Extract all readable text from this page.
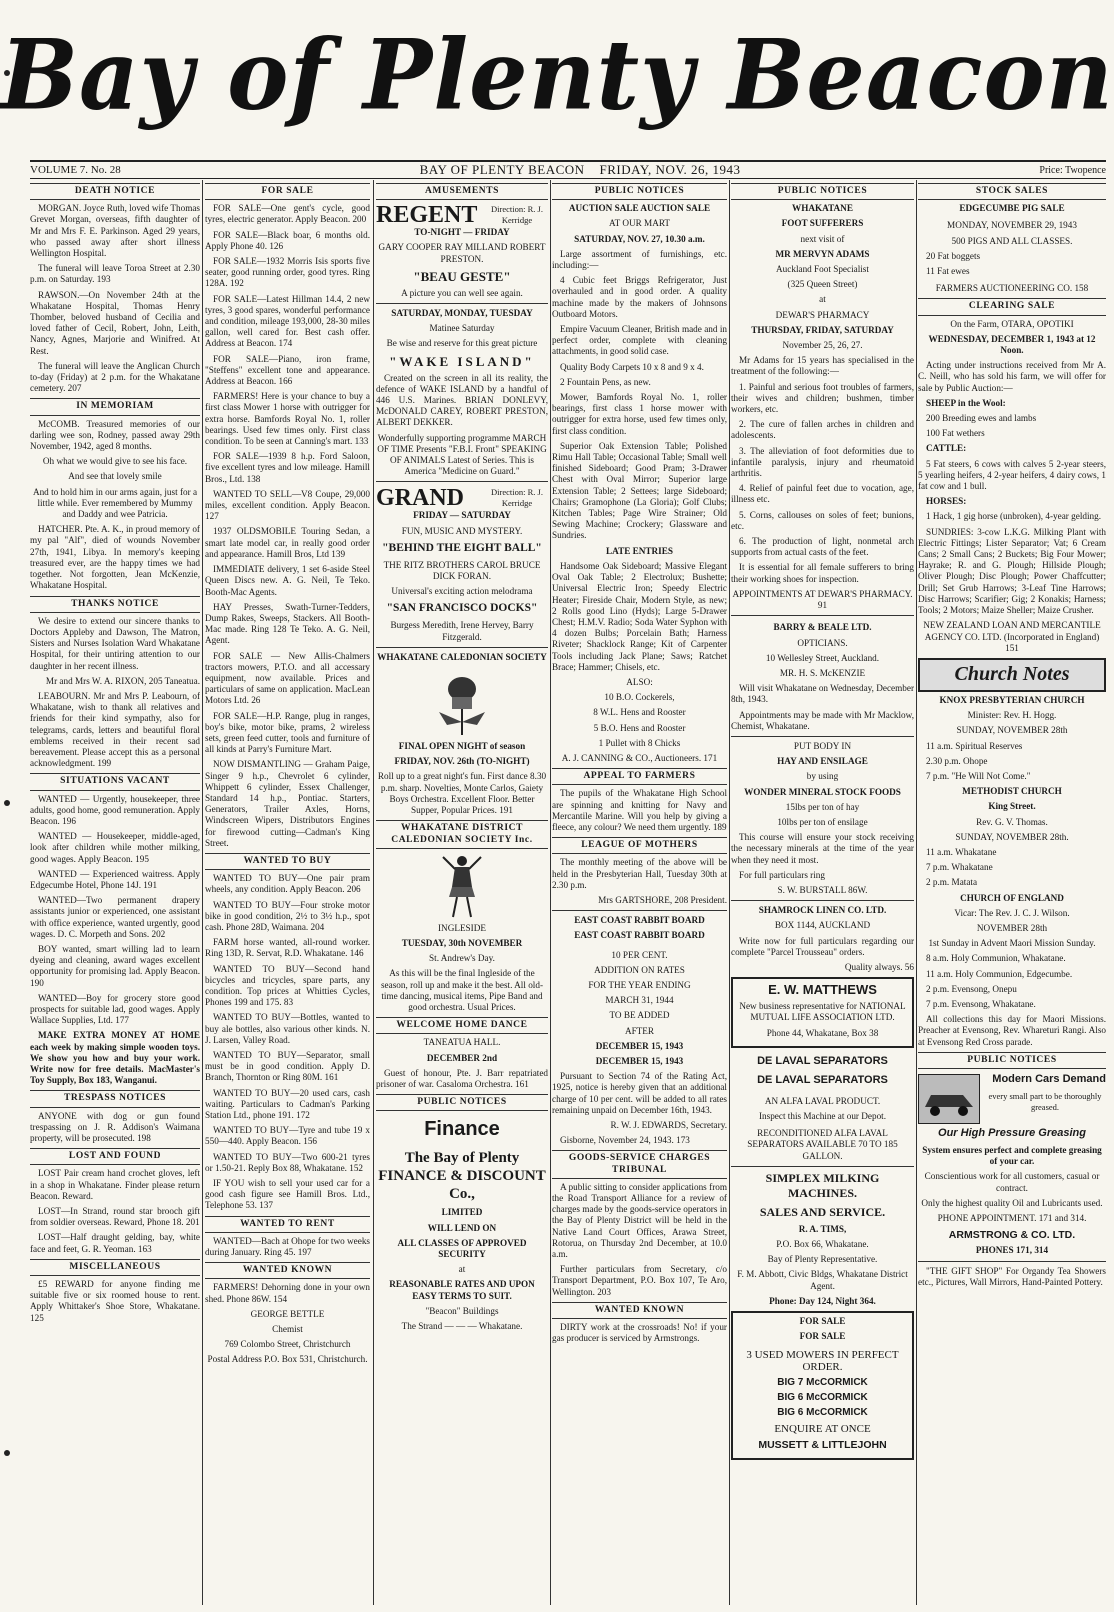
Bay of Plenty Beacon
VOLUME 7. No. 28	BAY OF PLENTY BEACON FRIDAY, NOV. 26, 1943	Price: Twopence
DEATH NOTICE

MORGAN. Joyce Ruth, loved wife Thomas Grevet Morgan, overseas, fifth daughter of Mr and Mrs F. E. Parkinson. Aged 29 years, who passed away after short illness Wellington Hospital.

The funeral will leave Toroa Street at 2.30 p.m. on Saturday. 193

RAWSON.—On November 24th at the Whakatane Hospital, Thomas Henry Thomber, beloved husband of Cecilia and loved father of Cecil, Robert, John, Leith, Nancy, Agnes, Marjorie and Winifred. At Rest.

The funeral will leave the Anglican Church to-day (Friday) at 2 p.m. for the Whakatane cemetery. 207

IN MEMORIAM

McCOMB. Treasured memories of our darling wee son, Rodney, passed away 29th November, 1942, aged 8 months.

Oh what we would give to see his face.

And see that lovely smile

And to hold him in our arms again, just for a little while. Ever remembered by Mummy and Daddy and wee Patricia.

HATCHER. Pte. A. K., in proud memory of my pal "Alf", died of wounds November 27th, 1941, Libya. In memory's keeping treasured ever, are the happy times we had together. Not forgotten, Jean McKenzie, Whakatane Hospital.

THANKS NOTICE

We desire to extend our sincere thanks to Doctors Appleby and Dawson, The Matron, Sisters and Nurses Isolation Ward Whakatane Hospital, for their untiring attention to our daughter in her recent illness.

Mr and Mrs W. A. RIXON, 205 Taneatua.

LEABOURN. Mr and Mrs P. Leabourn, of Whakatane, wish to thank all relatives and friends for their kind sympathy, also for telegrams, cards, letters and beautiful floral emblems received in their recent sad bereavement. Please accept this as a personal acknowledgment. 199

SITUATIONS VACANT

WANTED — Urgently, housekeeper, three adults, good home, good remuneration. Apply Beacon. 196

WANTED — Housekeeper, middle-aged, look after children while mother milking, good wages. Apply Beacon. 195

WANTED — Experienced waitress. Apply Edgecumbe Hotel, Phone 14J. 191

WANTED—Two permanent drapery assistants junior or experienced, one assistant with office experience, wanted urgently, good wages. D. C. Morpeth and Sons. 202

BOY wanted, smart willing lad to learn dyeing and cleaning, award wages excellent opportunity for promising lad. Apply Beacon. 190

WANTED—Boy for grocery store good prospects for suitable lad, good wages. Apply Wallace Supplies, Ltd. 177

MAKE EXTRA MONEY AT HOME each week by making simple wooden toys. We show you how and buy your work. Write now for free details. MacMaster's Toy Supply, Box 183, Wanganui.

TRESPASS NOTICES

ANYONE with dog or gun found trespassing on J. R. Addison's Waimana property, will be prosecuted. 198

LOST AND FOUND

LOST Pair cream hand crochet gloves, left in a shop in Whakatane. Finder please return Beacon. Reward.

LOST—In Strand, round star brooch gift from soldier overseas. Reward, Phone 18. 201

LOST—Half draught gelding, bay, white face and feet, G. R. Yeoman. 163

MISCELLANEOUS

£5 REWARD for anyone finding me suitable five or six roomed house to rent. Apply Whittaker's Shoe Store, Whakatane. 125

FOR SALE

FOR SALE—One gent's cycle, good tyres, electric generator. Apply Beacon. 200

FOR SALE—Black boar, 6 months old. Apply Phone 40. 126

FOR SALE—1932 Morris Isis sports five seater, good running order, good tyres. Ring 128A. 192

FOR SALE—Latest Hillman 14.4, 2 new tyres, 3 good spares, wonderful performance and condition, mileage 193,000, 28-30 miles gallon, well cared for. Best cash offer. Address at Beacon. 174

FOR SALE—Piano, iron frame, "Steffens" excellent tone and appearance. Address at Beacon. 166

FARMERS! Here is your chance to buy a first class Mower 1 horse with outrigger for extra horse. Bamfords Royal No. 1, roller bearings. Used few times only. First class condition. To be seen at Canning's mart. 133

FOR SALE—1939 8 h.p. Ford Saloon, five excellent tyres and low mileage. Hamill Bros., Ltd. 138

WANTED TO SELL—V8 Coupe, 29,000 miles, excellent condition. Apply Beacon. 127

1937 OLDSMOBILE Touring Sedan, a smart late model car, in really good order and appearance. Hamill Bros, Ltd 139

IMMEDIATE delivery, 1 set 6-aside Steel Queen Discs new. A. G. Neil, Te Teko. Booth-Mac Agents.

HAY Presses, Swath-Turner-Tedders, Dump Rakes, Sweeps, Stackers. All Booth-Mac made. Ring 128 Te Teko. A. G. Neil, Agent.

FOR SALE — New Allis-Chalmers tractors mowers, P.T.O. and all accessary equipment, now available. Prices and particulars of same on application. MacLean Motors Ltd. 26

FOR SALE—H.P. Range, plug in ranges, boy's bike, motor bike, prams, 2 wireless sets, green feed cutter, tools and furniture of all kinds at Parry's Furniture Mart.

NOW DISMANTLING — Graham Paige, Singer 9 h.p., Chevrolet 6 cylinder, Whippett 6 cylinder, Essex Challenger, Standard 14 h.p., Pontiac. Starters, Generators, Trailer Axles, Horns, Windscreen Wipers, Distributors Engines for firewood cutting—Cadman's King Street.

WANTED TO BUY

WANTED TO BUY—One pair pram wheels, any condition. Apply Beacon. 206

WANTED TO BUY—Four stroke motor bike in good condition, 2½ to 3½ h.p., spot cash. Phone 28D, Waimana. 204

FARM horse wanted, all-round worker. Ring 13D, R. Servat, R.D. Whakatane. 146

WANTED TO BUY—Second hand bicycles and tricycles, spare parts, any condition. Top prices at Whitties Cycles, Phones 199 and 175. 83

WANTED TO BUY—Bottles, wanted to buy ale bottles, also various other kinds. N. J. Larsen, Valley Road.

WANTED TO BUY—Separator, small must be in good condition. Apply D. Branch, Thornton or Ring 80M. 161

WANTED TO BUY—20 used cars, cash waiting. Particulars to Cadman's Parking Station Ltd., phone 191. 172

WANTED TO BUY—Tyre and tube 19 x 550—440. Apply Beacon. 156

WANTED TO BUY—Two 600-21 tyres or 1.50-21. Reply Box 88, Whakatane. 152

IF YOU wish to sell your used car for a good cash figure see Hamill Bros. Ltd., Telephone 53. 137

WANTED TO RENT

WANTED—Bach at Ohope for two weeks during January. Ring 45. 197

WANTED KNOWN

FARMERS! Dehorning done in your own shed. Phone 86W. 154

GEORGE BETTLE

Chemist

769 Colombo Street, Christchurch

Postal Address P.O. Box 531, Christchurch.

AMUSEMENTS
REGENT	Direction: R. J. Kerridge

TO-NIGHT — FRIDAY

GARY COOPER RAY MILLAND ROBERT PRESTON.

"BEAU GESTE"

A picture you can well see again.

SATURDAY, MONDAY, TUESDAY

Matinee Saturday

Be wise and reserve for this great picture

"WAKE ISLAND"

Created on the screen in all its reality, the defence of WAKE ISLAND by a handful of 446 U.S. Marines. BRIAN DONLEVY, McDONALD CAREY, ROBERT PRESTON, ALBERT DEKKER.

Wonderfully supporting programme MARCH OF TIME Presents "F.B.I. Front" SPEAKING OF ANIMALS Latest of Series. This is America "Medicine on Guard."

GRAND	Direction: R. J. Kerridge

FRIDAY — SATURDAY

FUN, MUSIC AND MYSTERY.

"BEHIND THE EIGHT BALL"

THE RITZ BROTHERS CAROL BRUCE DICK FORAN.

Universal's exciting action melodrama

"SAN FRANCISCO DOCKS"

Burgess Meredith, Irene Hervey, Barry Fitzgerald.

WHAKATANE CALEDONIAN SOCIETY

FINAL OPEN NIGHT of season

FRIDAY, NOV. 26th (TO-NIGHT)

Roll up to a great night's fun. First dance 8.30 p.m. sharp. Novelties, Monte Carlos, Gaiety Boys Orchestra. Excellent Floor. Better Supper, Popular Prices. 191

WHAKATANE DISTRICT CALEDONIAN SOCIETY Inc.

INGLESIDE

TUESDAY, 30th NOVEMBER

St. Andrew's Day.

As this will be the final Ingleside of the season, roll up and make it the best. All old-time dancing, musical items, Pipe Band and good orchestra. Usual Prices.

WELCOME HOME DANCE

TANEATUA HALL.

DECEMBER 2nd

Guest of honour, Pte. J. Barr repatriated prisoner of war. Casaloma Orchestra. 161

PUBLIC NOTICES

Finance

The Bay of Plenty FINANCE & DISCOUNT Co.,

LIMITED

WILL LEND ON

ALL CLASSES OF APPROVED SECURITY

at

REASONABLE RATES AND UPON EASY TERMS TO SUIT.

"Beacon" Buildings

The Strand — — — Whakatane.

PUBLIC NOTICES

AUCTION SALE AUCTION SALE

AT OUR MART

SATURDAY, NOV. 27, 10.30 a.m.

Large assortment of furnishings, etc. including:—

4 Cubic feet Briggs Refrigerator, Just overhauled and in good order. A quality machine made by the makers of Johnsons Outboard Motors.

Empire Vacuum Cleaner, British made and in perfect order, complete with cleaning attachments, in good solid case.

Quality Body Carpets 10 x 8 and 9 x 4.

2 Fountain Pens, as new.

Mower, Bamfords Royal No. 1, roller bearings, first class 1 horse mower with outrigger for extra horse, used few times only, first class condition.

Superior Oak Extension Table; Polished Rimu Hall Table; Occasional Table; Small well finished Sideboard; Good Pram; 3-Drawer Chest with Oval Mirror; Superior large Extension Table; 2 Settees; large Sideboard; Chairs; Gramophone (La Gloria); Golf Clubs; Kitchen Tables; Page Wire Strainer; Old Sewing Machine; Crockery; Glassware and Sundries.

LATE ENTRIES

Handsome Oak Sideboard; Massive Elegant Oval Oak Table; 2 Electrolux; Bushette; Universal Electric Iron; Speedy Electric Heater; Fireside Chair, Modern Style, as new; 2 Rolls good Lino (Hyds); Large 5-Drawer Chest; H.M.V. Radio; Soda Water Syphon with 4 dozen Bulbs; Porcelain Bath; Harness Riveter; Shacklock Range; Kit of Carpenter Tools including Jack Plane; Saws; Ratchet Brace; Hammer; Chisels, etc.

ALSO:

10 B.O. Cockerels,

8 W.L. Hens and Rooster

5 B.O. Hens and Rooster

1 Pullet with 8 Chicks

A. J. CANNING & CO., Auctioneers. 171

APPEAL TO FARMERS

The pupils of the Whakatane High School are spinning and knitting for Navy and Mercantile Marine. Will you help by giving a fleece, any colour? We need them urgently. 189

LEAGUE OF MOTHERS

The monthly meeting of the above will be held in the Presbyterian Hall, Tuesday 30th at 2.30 p.m.

Mrs GARTSHORE, 208 President.

EAST COAST RABBIT BOARD

EAST COAST RABBIT BOARD

10 PER CENT.

ADDITION ON RATES

FOR THE YEAR ENDING

MARCH 31, 1944

TO BE ADDED

AFTER

DECEMBER 15, 1943

DECEMBER 15, 1943

Pursuant to Section 74 of the Rating Act, 1925, notice is hereby given that an additional charge of 10 per cent. will be added to all rates remaining unpaid on December 16th, 1943.

R. W. J. EDWARDS, Secretary.

Gisborne, November 24, 1943. 173

GOODS-SERVICE CHARGES TRIBUNAL

A public sitting to consider applications from the Road Transport Alliance for a review of charges made by the goods-service operators in the Bay of Plenty District will be held in the Native Land Court Offices, Arawa Street, Rotorua, on Thursday 2nd December, at 10.0 a.m.

Further particulars from Secretary, c/o Transport Department, P.O. Box 107, Te Aro, Wellington. 203

WANTED KNOWN

DIRTY work at the crossroads! No! if your gas producer is serviced by Armstrongs.

PUBLIC NOTICES

WHAKATANE

FOOT SUFFERERS

next visit of

MR MERVYN ADAMS

Auckland Foot Specialist

(325 Queen Street)

at

DEWAR'S PHARMACY

THURSDAY, FRIDAY, SATURDAY

November 25, 26, 27.

Mr Adams for 15 years has specialised in the treatment of the following:—

1. Painful and serious foot troubles of farmers, their wives and children; bushmen, timber workers, etc.

2. The cure of fallen arches in children and adolescents.

3. The alleviation of foot deformities due to infantile paralysis, injury and rheumatoid arthritis.

4. Relief of painful feet due to vocation, age, illness etc.

5. Corns, callouses on soles of feet; bunions, etc.

6. The production of light, nonmetal arch supports from actual casts of the feet.

It is essential for all female sufferers to bring their working shoes for inspection.

APPOINTMENTS AT DEWAR'S PHARMACY. 91

BARRY & BEALE LTD.

OPTICIANS.

10 Wellesley Street, Auckland.

MR. H. S. McKENZIE

Will visit Whakatane on Wednesday, December 8th, 1943.

Appointments may be made with Mr Macklow, Chemist, Whakatane.

PUT BODY IN

HAY AND ENSILAGE

by using

WONDER MINERAL STOCK FOODS

15lbs per ton of hay

10lbs per ton of ensilage

This course will ensure your stock receiving the necessary minerals at the time of the year when they need it most.

For full particulars ring

S. W. BURSTALL 86W.

SHAMROCK LINEN CO. LTD.

BOX 1144, AUCKLAND

Write now for full particulars regarding our complete "Parcel Trousseau" orders.

Quality always. 56

E. W. MATTHEWS

New business representative for NATIONAL MUTUAL LIFE ASSOCIATION LTD.

Phone 44, Whakatane, Box 38

DE LAVAL SEPARATORS

DE LAVAL SEPARATORS

AN ALFA LAVAL PRODUCT.

Inspect this Machine at our Depot.

RECONDITIONED ALFA LAVAL SEPARATORS AVAILABLE 70 TO 185 GALLON.

SIMPLEX MILKING MACHINES.

SALES AND SERVICE.

R. A. TIMS,

P.O. Box 66, Whakatane.

Bay of Plenty Representative.

F. M. Abbott, Civic Bldgs, Whakatane District Agent.

Phone: Day 124, Night 364.

FOR SALE

FOR SALE

3 USED MOWERS IN PERFECT ORDER.

BIG 7 McCORMICK

BIG 6 McCORMICK

BIG 6 McCORMICK

ENQUIRE AT ONCE

MUSSETT & LITTLEJOHN

STOCK SALES

EDGECUMBE PIG SALE

MONDAY, NOVEMBER 29, 1943

500 PIGS AND ALL CLASSES.

20 Fat boggets

11 Fat ewes

FARMERS AUCTIONEERING CO. 158

CLEARING SALE

On the Farm, OTARA, OPOTIKI

WEDNESDAY, DECEMBER 1, 1943 at 12 Noon.

Acting under instructions received from Mr A. C. Neill, who has sold his farm, we will offer for sale by Public Auction:—

SHEEP in the Wool:

200 Breeding ewes and lambs

100 Fat wethers

CATTLE:

5 Fat steers, 6 cows with calves 5 2-year steers, 5 yearling heifers, 4 2-year heifers, 4 dairy cows, 1 fat cow and 1 bull.

HORSES:

1 Hack, 1 gig horse (unbroken), 4-year gelding.

SUNDRIES: 3-cow L.K.G. Milking Plant with Electric Fittings; Lister Separator; Vat; 6 Cream Cans; 2 Small Cans; 2 Buckets; Big Four Mower; Hayrake; R. and G. Plough; Hillside Plough; Oliver Plough; Disc Plough; Power Chaffcutter; Drill; Set Grub Harrows; 3-Leaf Tine Harrows; Disc Harrows; Scarifier; Gig; 2 Konakis; Harness; Tools; 2 Motors; Maize Sheller; Maize Crusher.

NEW ZEALAND LOAN AND MERCANTILE AGENCY CO. LTD. (Incorporated in England) 151

Church Notes

KNOX PRESBYTERIAN CHURCH

Minister: Rev. H. Hogg.

SUNDAY, NOVEMBER 28th

11 a.m. Spiritual Reserves

2.30 p.m. Ohope

7 p.m. "He Will Not Come."

METHODIST CHURCH

King Street.

Rev. G. V. Thomas.

SUNDAY, NOVEMBER 28th.

11 a.m. Whakatane

7 p.m. Whakatane

2 p.m. Matata

CHURCH OF ENGLAND

Vicar: The Rev. J. C. J. Wilson.

NOVEMBER 28th

1st Sunday in Advent Maori Mission Sunday.

8 a.m. Holy Communion, Whakatane.

11 a.m. Holy Communion, Edgecumbe.

2 p.m. Evensong, Onepu

7 p.m. Evensong, Whakatane.

All collections this day for Maori Missions. Preacher at Evensong, Rev. Whareturi Rangi. Also at Evensong Red Cross parade.

PUBLIC NOTICES

Modern Cars Demand

every small part to be thoroughly greased.

Our High Pressure Greasing

System ensures perfect and complete greasing of your car.

Conscientious work for all customers, casual or contract.

Only the highest quality Oil and Lubricants used.

PHONE APPOINTMENT. 171 and 314.

ARMSTRONG & CO. LTD.

PHONES 171, 314

"THE GIFT SHOP" For Organdy Tea Showers etc., Pictures, Wall Mirrors, Hand-Painted Pottery.
